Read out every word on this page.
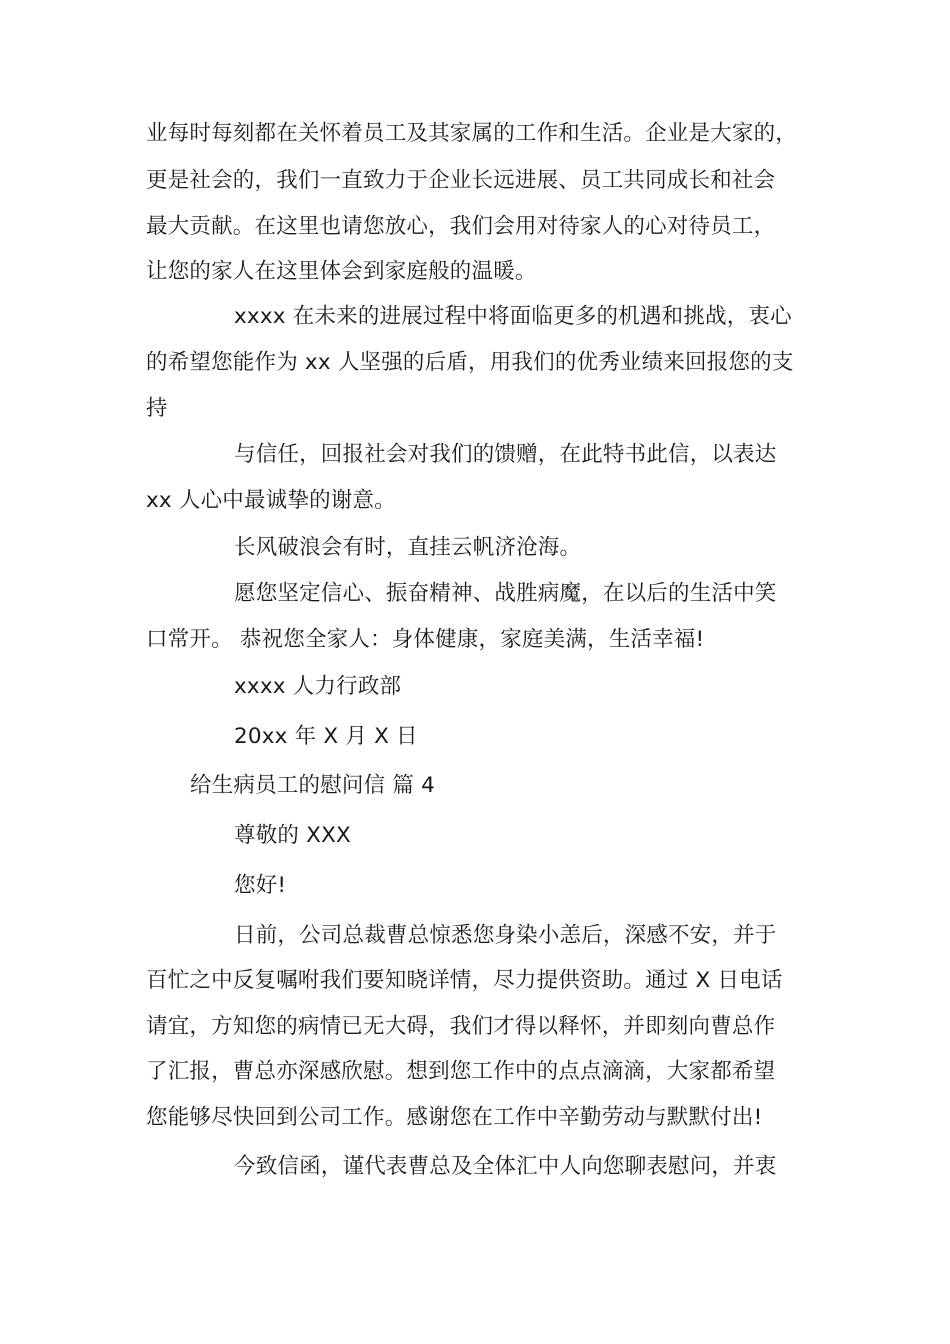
业每时每刻都在关怀着员工及其家属的工作和生活。企业是大家的，
更是社会的，我们一直致力于企业长远进展、员工共同成长和社会
最大贡献。在这里也请您放心，我们会用对待家人的心对待员工，
让您的家人在这里体会到家庭般的温暖。
xxxx 在未来的进展过程中将面临更多的机遇和挑战，衷心
的希望您能作为 xx 人坚强的后盾，用我们的优秀业绩来回报您的支
持
与信任，回报社会对我们的馈赠，在此特书此信，以表达
xx 人心中最诚挚的谢意。
长风破浪会有时，直挂云帆济沧海。
愿您坚定信心、振奋精神、战胜病魔，在以后的生活中笑
口常开。 恭祝您全家人：身体健康，家庭美满，生活幸福!
xxxx 人力行政部
20xx 年 X 月 X 日
给生病员工的慰问信 篇 4
尊敬的 XXX
您好!
日前，公司总裁曹总惊悉您身染小恙后，深感不安，并于
百忙之中反复嘱咐我们要知晓详情，尽力提供资助。通过 X 日电话
请宜，方知您的病情已无大碍，我们才得以释怀，并即刻向曹总作
了汇报，曹总亦深感欣慰。想到您工作中的点点滴滴，大家都希望
您能够尽快回到公司工作。感谢您在工作中辛勤劳动与默默付出!
今致信函，谨代表曹总及全体汇中人向您聊表慰问，并衷
